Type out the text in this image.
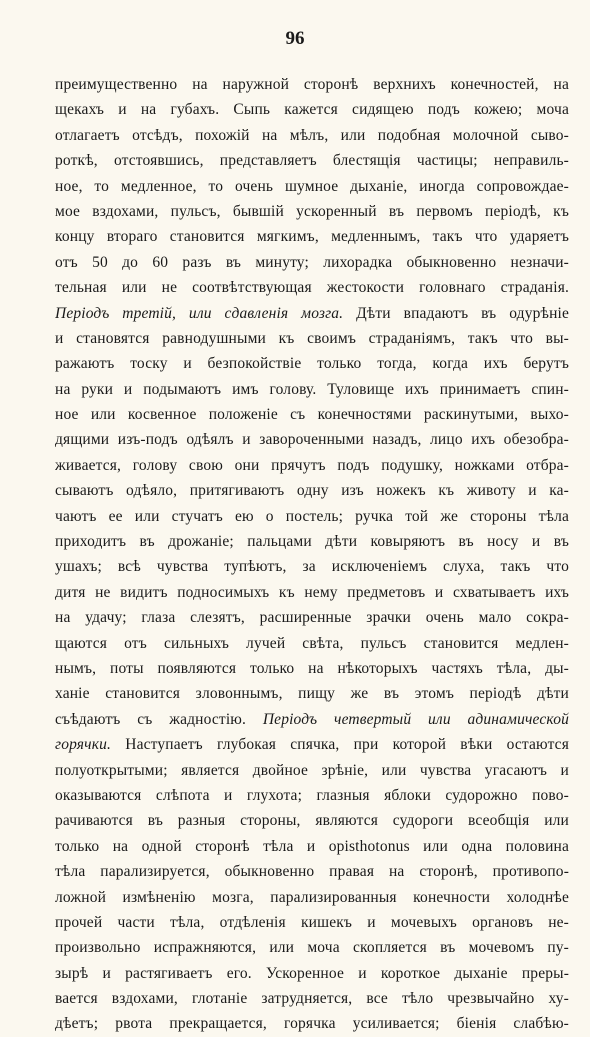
96
преимущественно на наружной сторонѣ верхнихъ конечностей, на
щекахъ и на губахъ. Сыпь кажется сидящею подъ кожею; моча
отлагаетъ отсѣдъ, похожій на мѣлъ, или подобная молочной сыво-
роткѣ, отстоявшись, представляетъ блестящія частицы; неправиль-
ное, то медленное, то очень шумное дыханіе, иногда сопровождае-
мое вздохами, пульсъ, бывшій ускоренный въ первомъ періодѣ, къ
концу втораго становится мягкимъ, медленнымъ, такъ что ударяетъ
отъ 50 до 60 разъ въ минуту; лихорадка обыкновенно незначи-
тельная или не соотвѣтствующая жестокости головнаго страданія.
Періодъ третій, или сдавленія мозга. Дѣти впадаютъ въ одурѣніе
и становятся равнодушными къ своимъ страданіямъ, такъ что вы-
ражаютъ тоску и безпокойствіе только тогда, когда ихъ берутъ
на руки и подымаютъ имъ голову. Туловище ихъ принимаетъ спин-
ное или косвенное положеніе съ конечностями раскинутыми, выхо-
дящими изъ-подъ одѣялъ и завороченными назадъ, лицо ихъ обезобра-
живается, голову свою они прячутъ подъ подушку, ножками отбра-
сываютъ одѣяло, притягиваютъ одну изъ ножекъ къ животу и ка-
чаютъ ее или стучатъ ею о постель; ручка той же стороны тѣла
приходитъ въ дрожаніе; пальцами дѣти ковыряютъ въ носу и въ
ушахъ; всѣ чувства тупѣютъ, за исключеніемъ слуха, такъ что
дитя не видитъ подносимыхъ къ нему предметовъ и схватываетъ ихъ
на удачу; глаза слезятъ, расширенные зрачки очень мало сокра-
щаются отъ сильныхъ лучей свѣта, пульсъ становится медлен-
нымъ, поты появляются только на нѣкоторыхъ частяхъ тѣла, ды-
ханіе становится зловоннымъ, пищу же въ этомъ періодѣ дѣти
съѣдаютъ съ жадностію. Періодъ четвертый или адинамической
горячки. Наступаетъ глубокая спячка, при которой вѣки остаются
полуоткрытыми; является двойное зрѣніе, или чувства угасаютъ и
оказываются слѣпота и глухота; глазныя яблоки судорожно пово-
рачиваются въ разныя стороны, являются судороги всеобщія или
только на одной сторонѣ тѣла и opisthotonus или одна половина
тѣла парализируется, обыкновенно правая на сторонѣ, противопо-
ложной измѣненію мозга, парализированныя конечности холоднѣе
прочей части тѣла, отдѣленія кишекъ и мочевыхъ органовъ не-
произвольно испражняются, или моча скопляется въ мочевомъ пу-
зырѣ и растягиваетъ его. Ускоренное и короткое дыханіе преры-
вается вздохами, глотаніе затрудняется, все тѣло чрезвычайно ху-
дѣетъ; рвота прекращается, горячка усиливается; біенія слабѣю-
